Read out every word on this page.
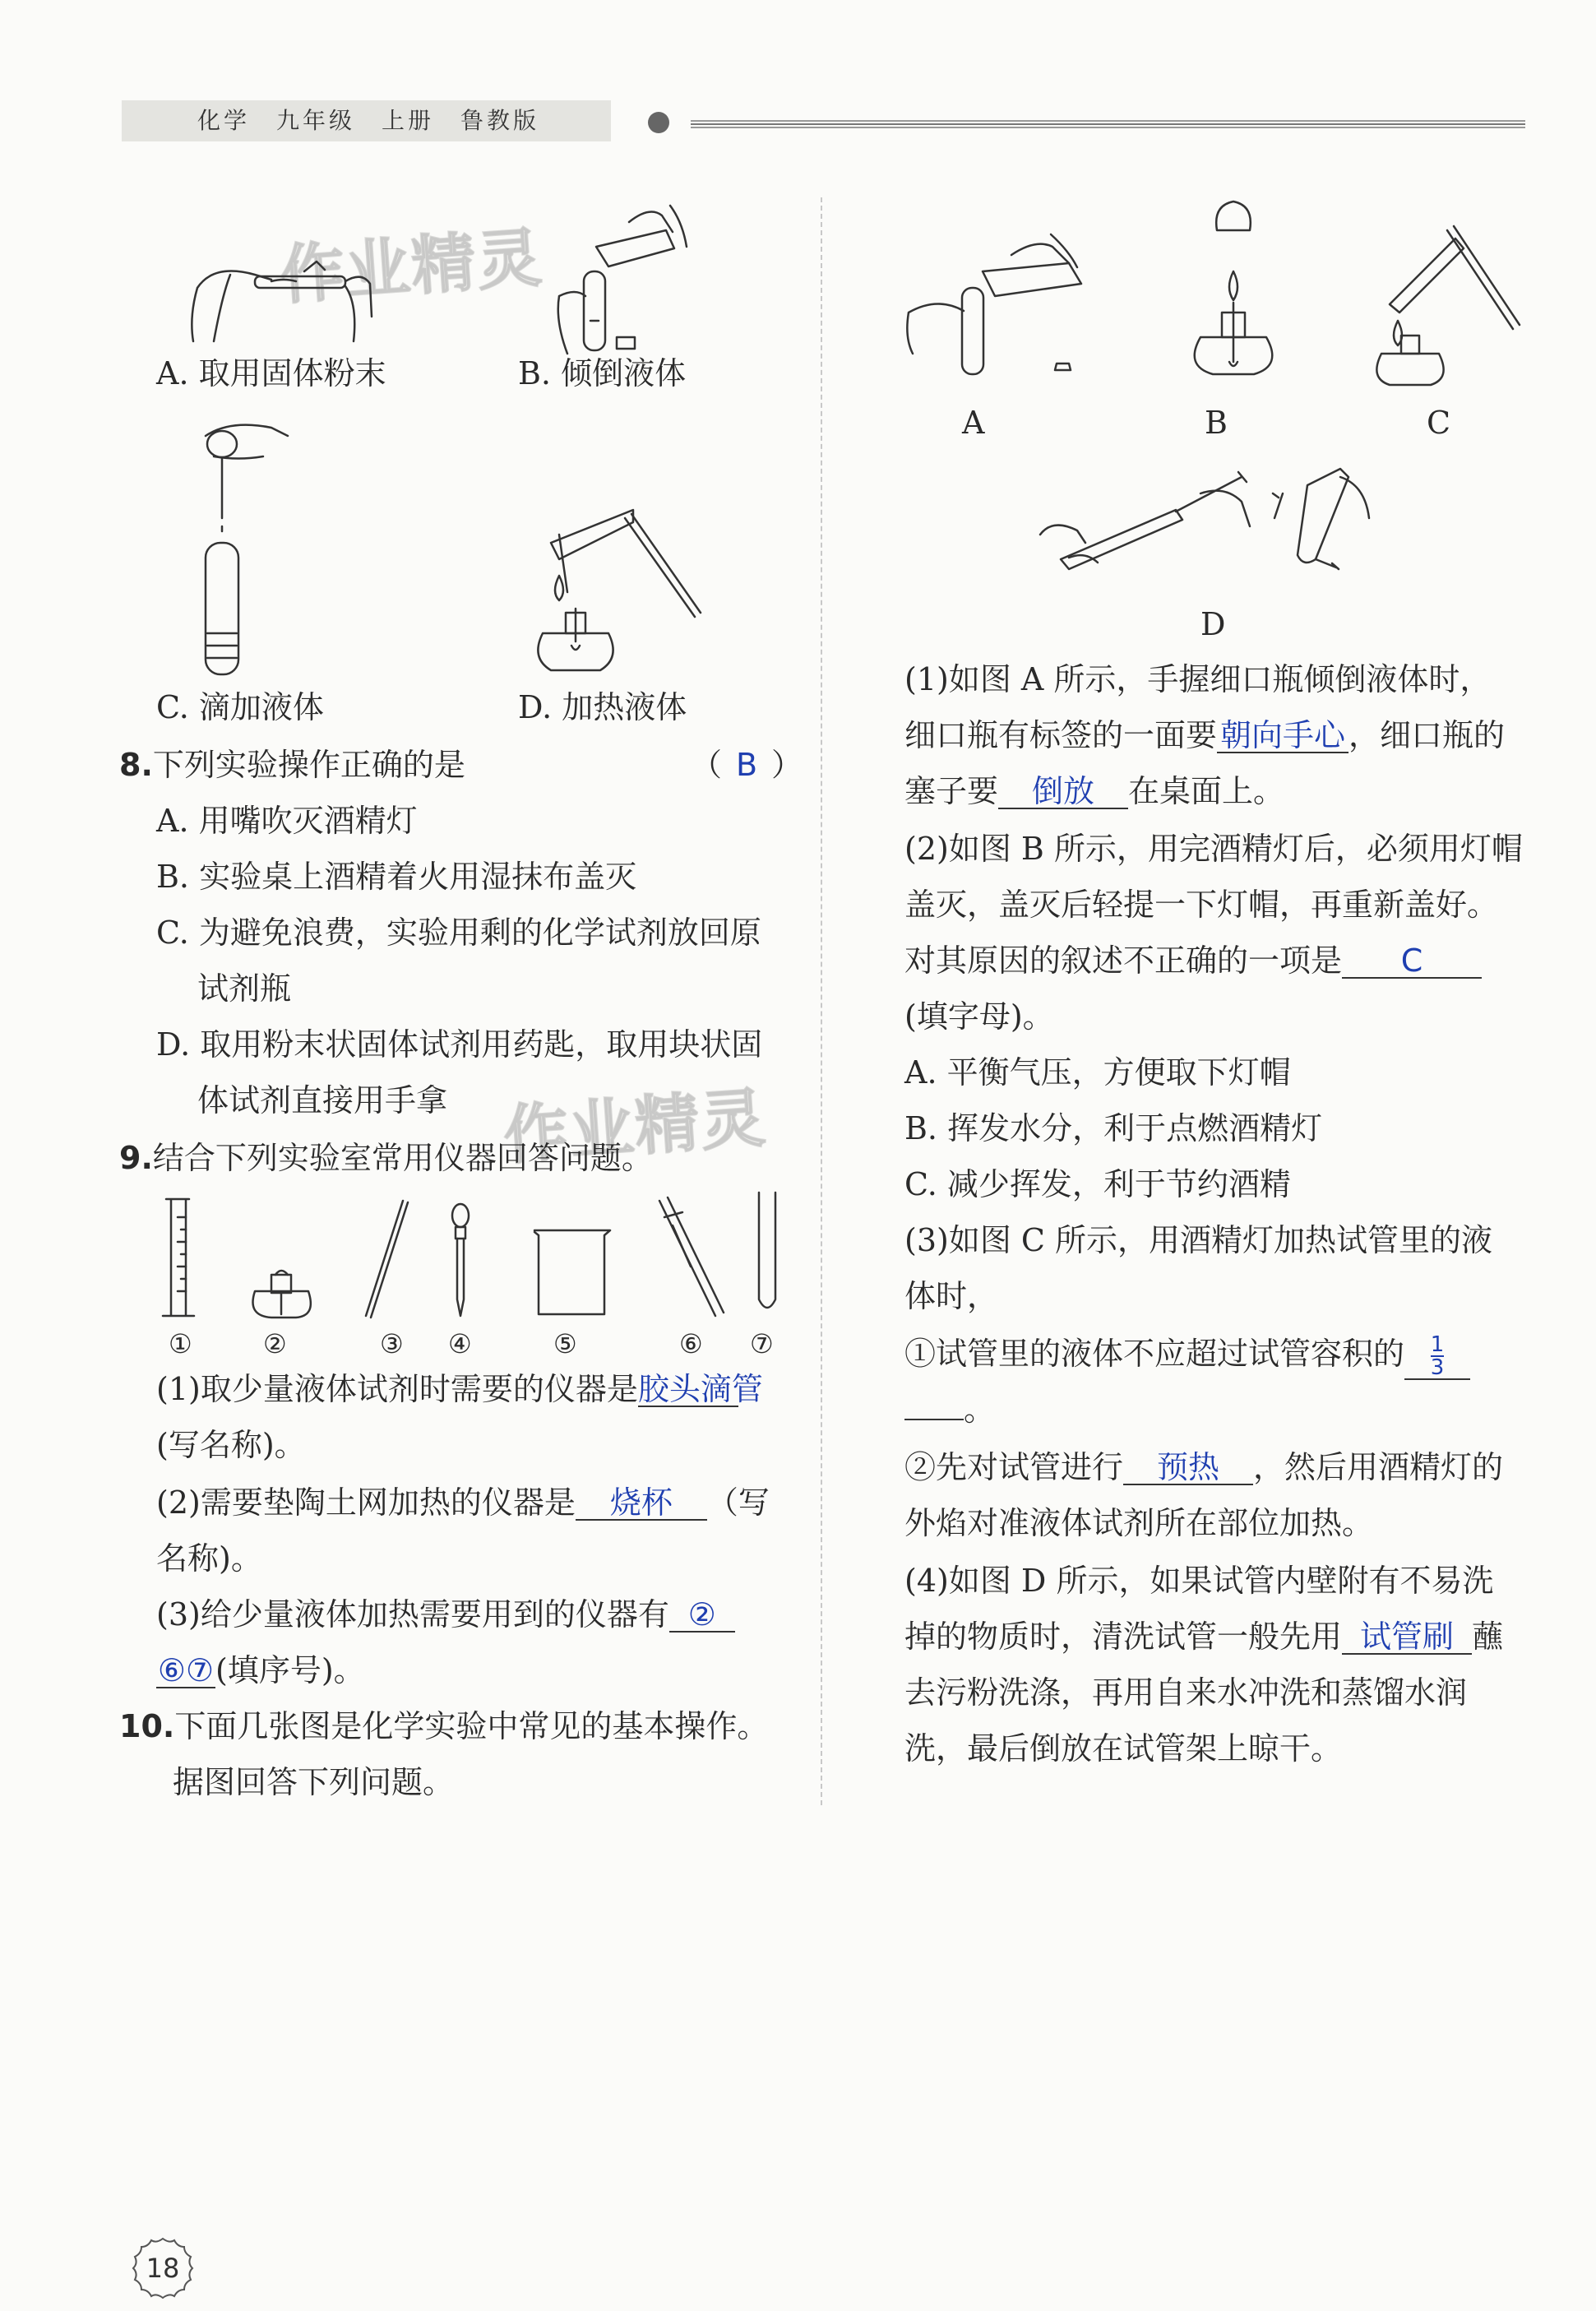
化学　九年级　上册　鲁教版
作业精灵
作业精灵
A. 取用固体粉末	B. 倾倒液体
C. 滴加液体	D. 加热液体
8.下列实验操作正确的是	（ B ）
A. 用嘴吹灭酒精灯
B. 实验桌上酒精着火用湿抹布盖灭
C. 为避免浪费，实验用剩的化学试剂放回原
试剂瓶
D. 取用粉末状固体试剂用药匙，取用块状固
体试剂直接用手拿
9.结合下列实验室常用仪器回答问题。
①	②	③ ④	⑤	⑥ ⑦
(1)取少量液体试剂时需要的仪器是胶头滴管
(写名称)。
(2)需要垫陶土网加热的仪器是 烧杯 （写
名称)。
(3)给少量液体加热需要用到的仪器有 ②
⑥⑦(填序号)。
10.下面几张图是化学实验中常见的基本操作。
据图回答下列问题。
A	B	C
D
(1)如图 A 所示，手握细口瓶倾倒液体时，
细口瓶有标签的一面要 朝向手心 ，细口瓶的
塞子要 倒放 在桌面上。
(2)如图 B 所示，用完酒精灯后，必须用灯帽
盖灭，盖灭后轻提一下灯帽，再重新盖好。
对其原因的叙述不正确的一项是 C
(填字母)。
A. 平衡气压，方便取下灯帽
B. 挥发水分，利于点燃酒精灯
C. 减少挥发，利于节约酒精
(3)如图 C 所示，用酒精灯加热试管里的液
体时，
①试管里的液体不应超过试管容积的 $\frac{1}{3}$
。
②先对试管进行 预热 ，然后用酒精灯的
外焰对准液体试剂所在部位加热。
(4)如图 D 所示，如果试管内壁附有不易洗
掉的物质时，清洗试管一般先用 试管刷 蘸
去污粉洗涤，再用自来水冲洗和蒸馏水润
洗，最后倒放在试管架上晾干。
18
